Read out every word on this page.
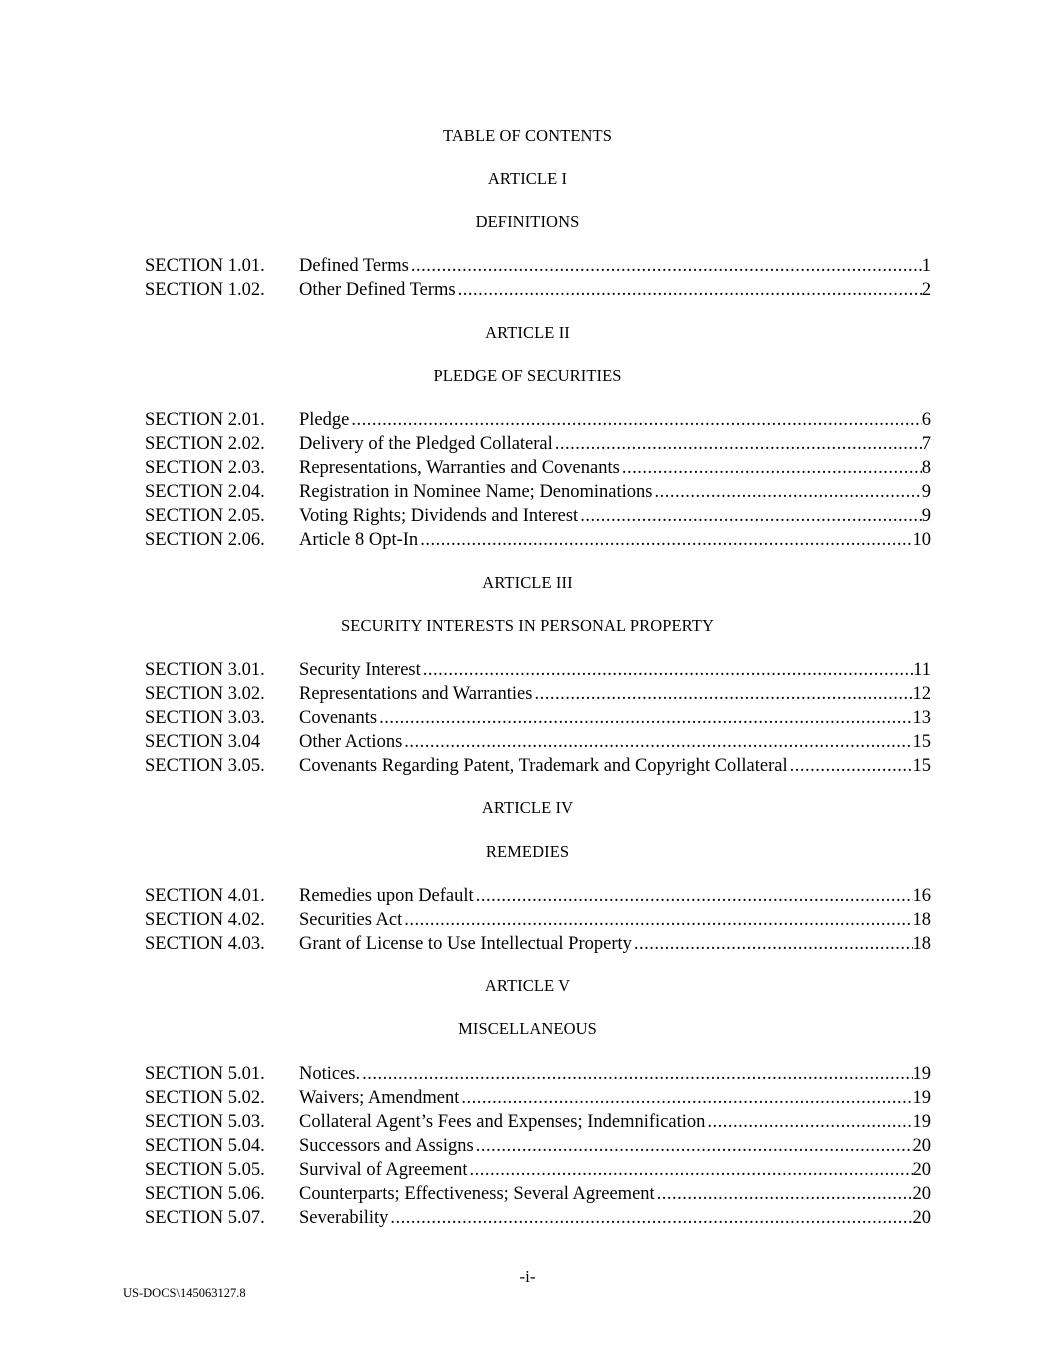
TABLE OF CONTENTS
ARTICLE I
DEFINITIONS
SECTION 1.01. Defined Terms .....	1
SECTION 1.02. Other Defined Terms .....	2
ARTICLE II
PLEDGE OF SECURITIES
SECTION 2.01. Pledge .....	6
SECTION 2.02. Delivery of the Pledged Collateral .....	7
SECTION 2.03. Representations, Warranties and Covenants .....	8
SECTION 2.04. Registration in Nominee Name; Denominations .....	9
SECTION 2.05. Voting Rights; Dividends and Interest .....	9
SECTION 2.06. Article 8 Opt-In .....	10
ARTICLE III
SECURITY INTERESTS IN PERSONAL PROPERTY
SECTION 3.01. Security Interest .....	11
SECTION 3.02. Representations and Warranties .....	12
SECTION 3.03. Covenants .....	13
SECTION 3.04 Other Actions .....	15
SECTION 3.05. Covenants Regarding Patent, Trademark and Copyright Collateral .....	15
ARTICLE IV
REMEDIES
SECTION 4.01. Remedies upon Default .....	16
SECTION 4.02. Securities Act .....	18
SECTION 4.03. Grant of License to Use Intellectual Property .....	18
ARTICLE V
MISCELLANEOUS
SECTION 5.01. Notices. .....	19
SECTION 5.02. Waivers; Amendment .....	19
SECTION 5.03. Collateral Agent’s Fees and Expenses; Indemnification .....	19
SECTION 5.04. Successors and Assigns .....	20
SECTION 5.05. Survival of Agreement .....	20
SECTION 5.06. Counterparts; Effectiveness; Several Agreement .....	20
SECTION 5.07. Severability .....	20
-i-
US-DOCS\145063127.8
